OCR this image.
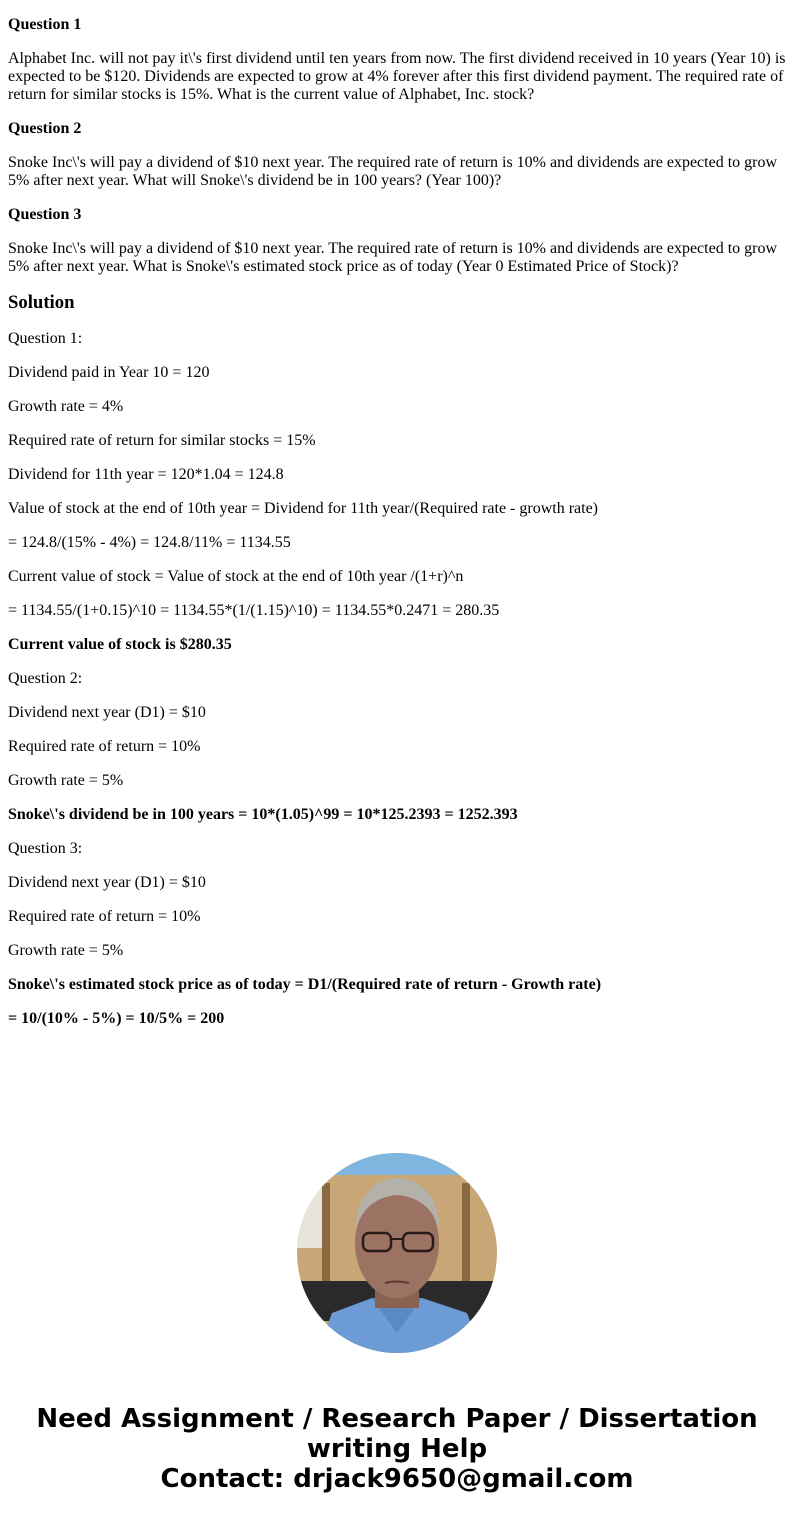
Question 1

Alphabet Inc. will not pay it\'s first dividend until ten years from now. The first dividend received in 10 years (Year 10) is expected to be $120. Dividends are expected to grow at 4% forever after this first dividend payment. The required rate of return for similar stocks is 15%. What is the current value of Alphabet, Inc. stock?

Question 2

Snoke Inc\'s will pay a dividend of $10 next year. The required rate of return is 10% and dividends are expected to grow 5% after next year. What will Snoke\'s dividend be in 100 years? (Year 100)?

Question 3

Snoke Inc\'s will pay a dividend of $10 next year. The required rate of return is 10% and dividends are expected to grow 5% after next year. What is Snoke\'s estimated stock price as of today (Year 0 Estimated Price of Stock)?

Solution

Question 1:

Dividend paid in Year 10 = 120

Growth rate = 4%

Required rate of return for similar stocks = 15%

Dividend for 11th year = 120*1.04 = 124.8

Value of stock at the end of 10th year = Dividend for 11th year/(Required rate - growth rate)

= 124.8/(15% - 4%) = 124.8/11% = 1134.55

Current value of stock = Value of stock at the end of 10th year /(1+r)^n

= 1134.55/(1+0.15)^10 = 1134.55*(1/(1.15)^10) = 1134.55*0.2471 = 280.35

Current value of stock is $280.35

Question 2:

Dividend next year (D1) = $10

Required rate of return = 10%

Growth rate = 5%

Snoke\'s dividend be in 100 years = 10*(1.05)^99 = 10*125.2393 = 1252.393

Question 3:

Dividend next year (D1) = $10

Required rate of return = 10%

Growth rate = 5%

Snoke\'s estimated stock price as of today = D1/(Required rate of return - Growth rate)

= 10/(10% - 5%) = 10/5% = 200

Need Assignment / Research Paper / Dissertation
writing Help
Contact: drjack9650@gmail.com
